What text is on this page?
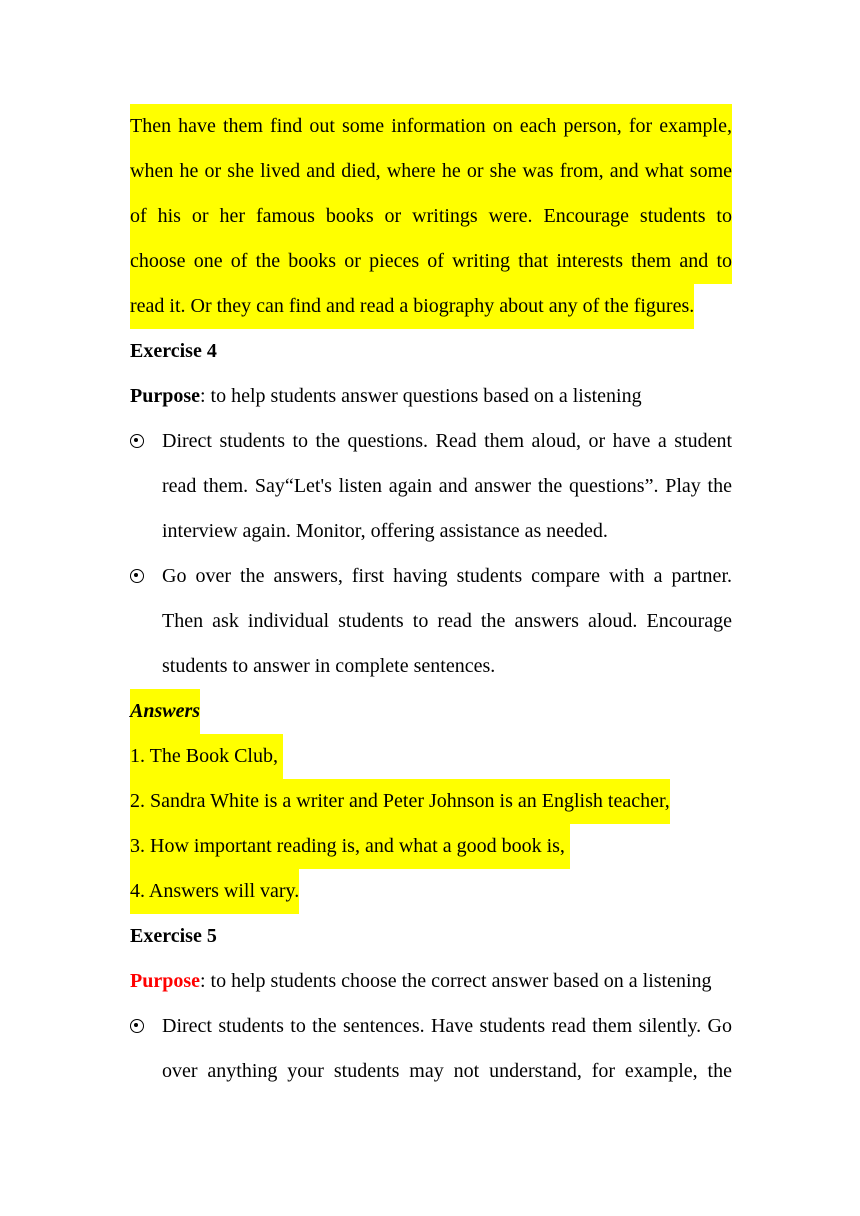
Then have them find out some information on each person, for example,
when he or she lived and died, where he or she was from, and what some
of his or her famous books or writings were. Encourage students to
choose one of the books or pieces of writing that interests them and to
read it. Or they can find and read a biography about any of the figures.
Exercise 4
Purpose: to help students answer questions based on a listening
Direct students to the questions. Read them aloud, or have a student
read them. Say“Let's listen again and answer the questions”. Play the
interview again. Monitor, offering assistance as needed.
Go over the answers, first having students compare with a partner.
Then ask individual students to read the answers aloud. Encourage
students to answer in complete sentences.
Answers
1. The Book Club,
2. Sandra White is a writer and Peter Johnson is an English teacher,
3. How important reading is, and what a good book is,
4. Answers will vary.
Exercise 5
Purpose: to help students choose the correct answer based on a listening
Direct students to the sentences. Have students read them silently. Go
over anything your students may not understand, for example, the
